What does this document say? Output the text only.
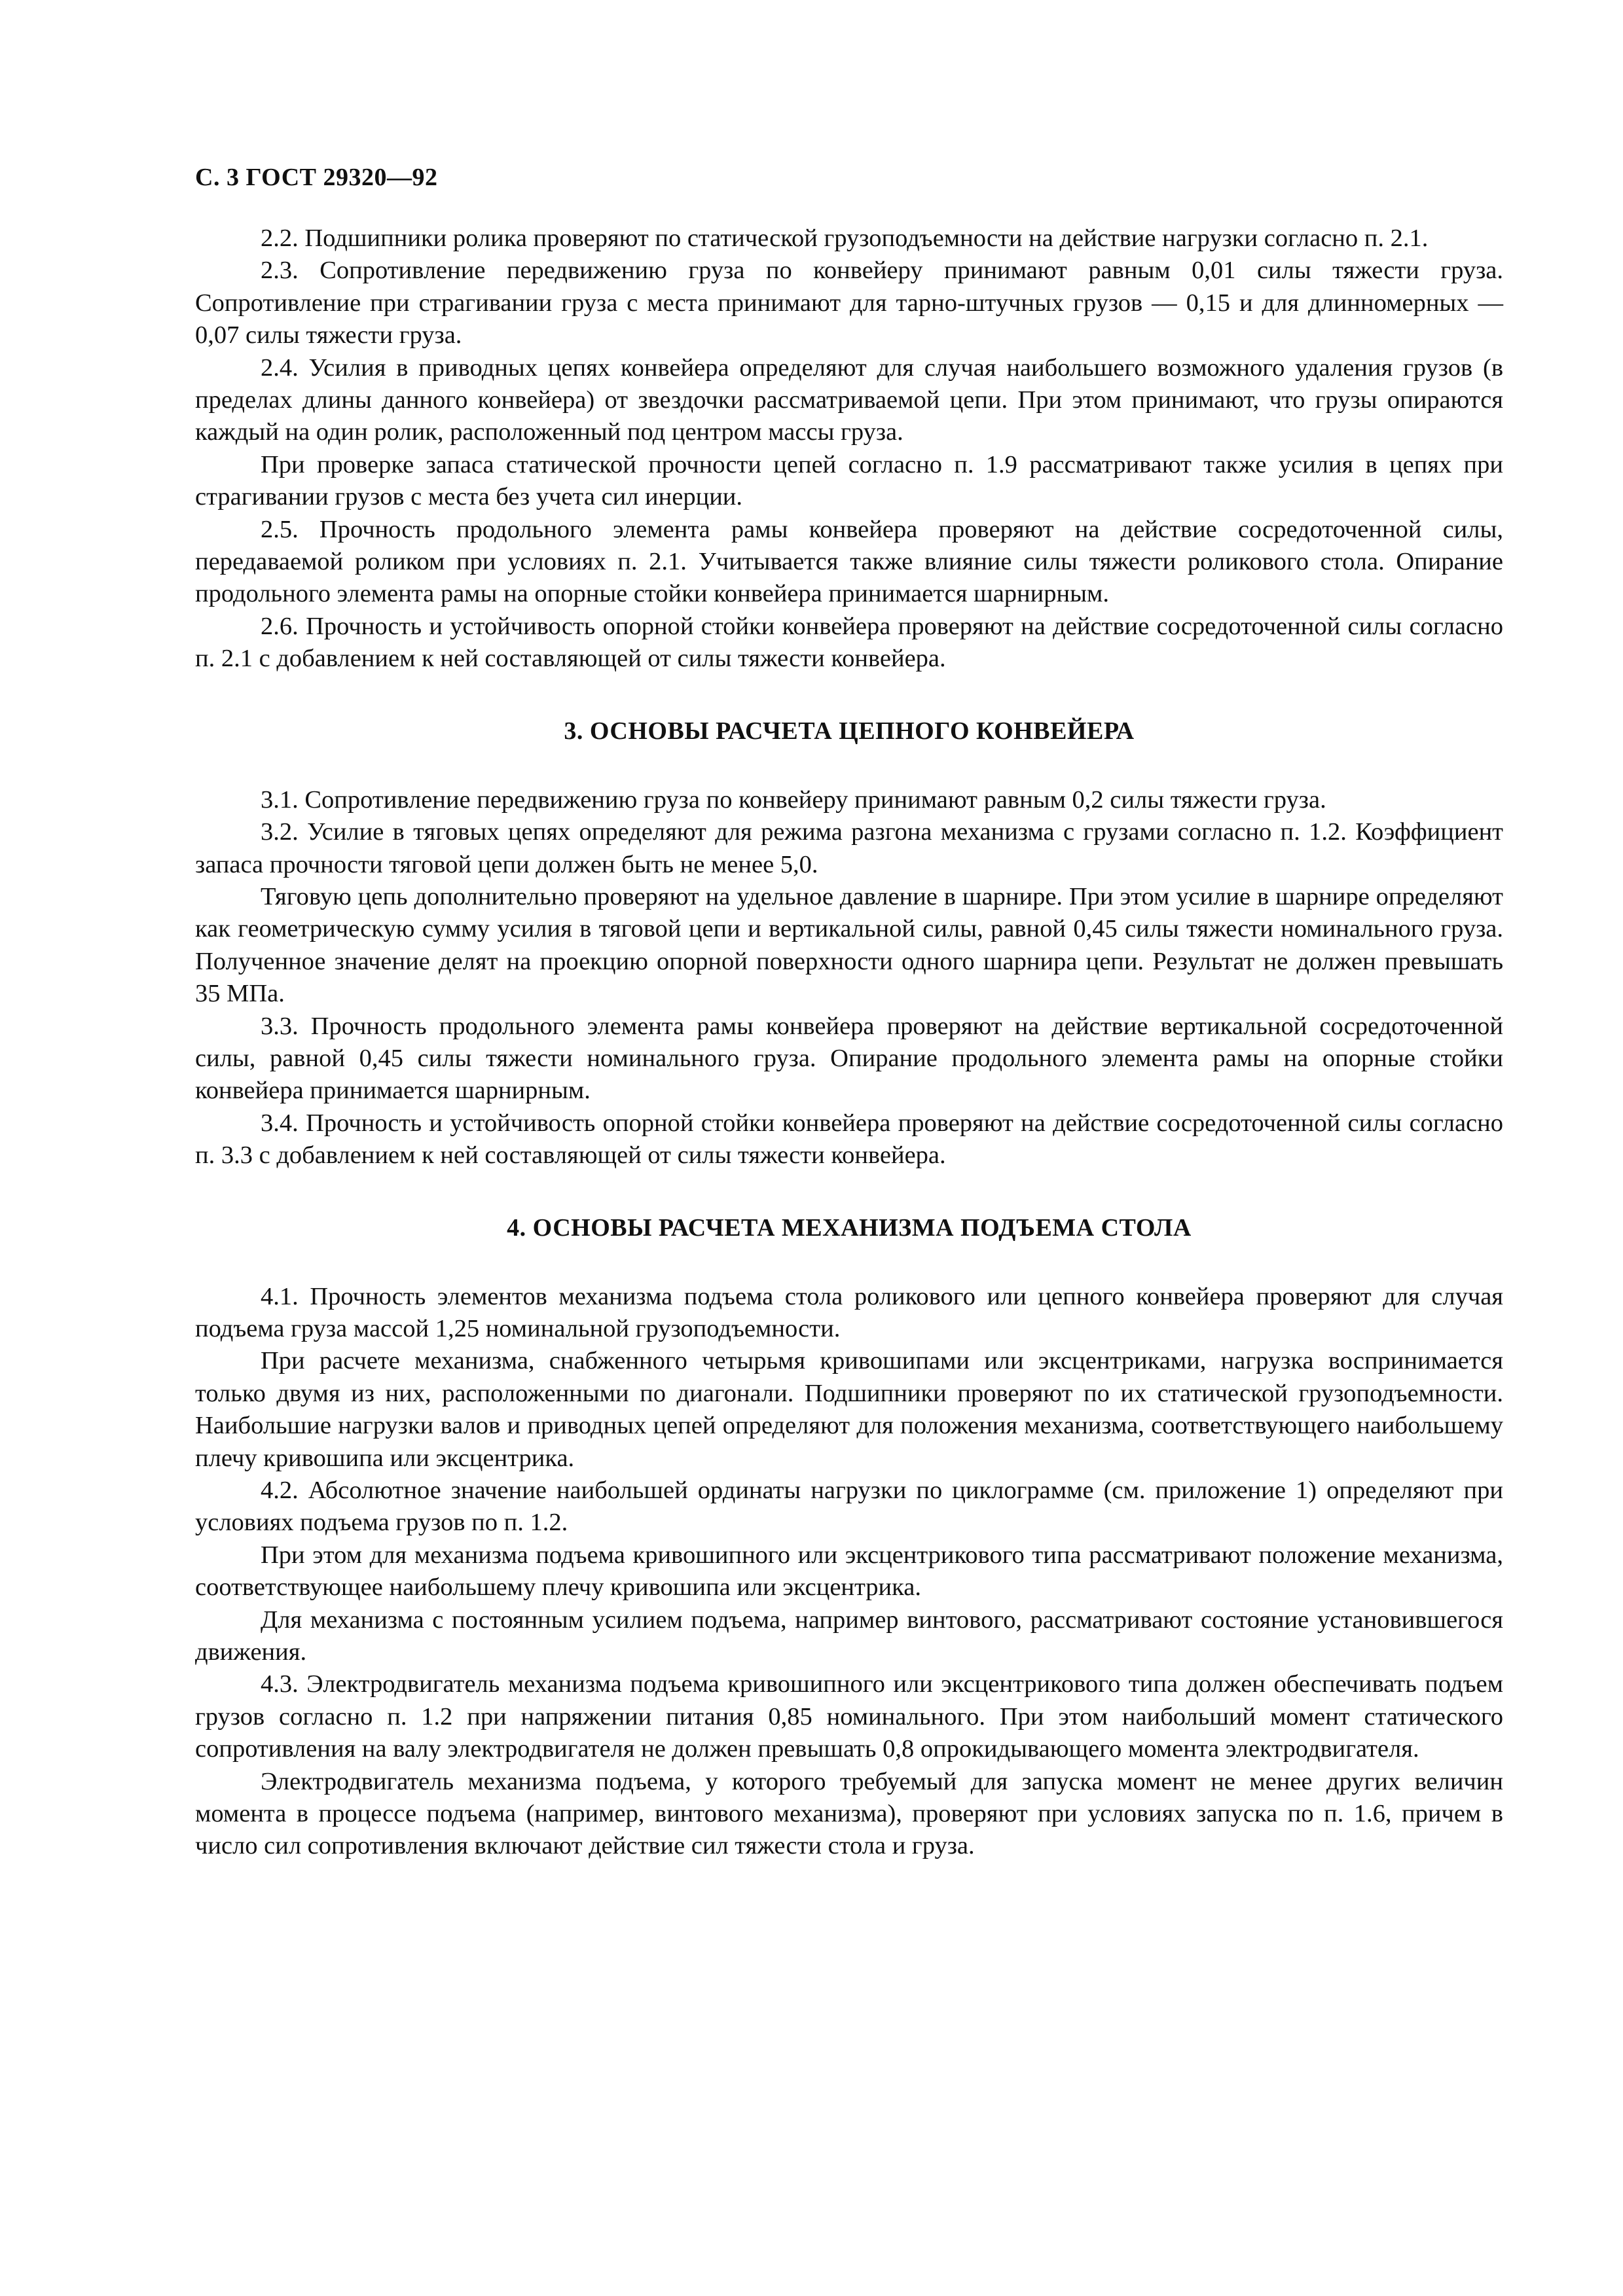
С. 3 ГОСТ 29320—92

2.2. Подшипники ролика проверяют по статической грузоподъемности на действие нагрузки согласно п. 2.1.

2.3. Сопротивление передвижению груза по конвейеру принимают равным 0,01 силы тяжести груза. Сопротивление при страгивании груза с места принимают для тарно-штучных грузов — 0,15 и для длинномерных — 0,07 силы тяжести груза.

2.4. Усилия в приводных цепях конвейера определяют для случая наибольшего возможного удаления грузов (в пределах длины данного конвейера) от звездочки рассматриваемой цепи. При этом принимают, что грузы опираются каждый на один ролик, расположенный под центром массы груза.

При проверке запаса статической прочности цепей согласно п. 1.9 рассматривают также усилия в цепях при страгивании грузов с места без учета сил инерции.

2.5. Прочность продольного элемента рамы конвейера проверяют на действие сосредоточенной силы, передаваемой роликом при условиях п. 2.1. Учитывается также влияние силы тяжести роликового стола. Опирание продольного элемента рамы на опорные стойки конвейера принимается шарнирным.

2.6. Прочность и устойчивость опорной стойки конвейера проверяют на действие сосредоточенной силы согласно п. 2.1 с добавлением к ней составляющей от силы тяжести конвейера.

3. ОСНОВЫ РАСЧЕТА ЦЕПНОГО КОНВЕЙЕРА

3.1. Сопротивление передвижению груза по конвейеру принимают равным 0,2 силы тяжести груза.

3.2. Усилие в тяговых цепях определяют для режима разгона механизма с грузами согласно п. 1.2. Коэффициент запаса прочности тяговой цепи должен быть не менее 5,0.

Тяговую цепь дополнительно проверяют на удельное давление в шарнире. При этом усилие в шарнире определяют как геометрическую сумму усилия в тяговой цепи и вертикальной силы, равной 0,45 силы тяжести номинального груза. Полученное значение делят на проекцию опорной поверхности одного шарнира цепи. Результат не должен превышать 35 МПа.

3.3. Прочность продольного элемента рамы конвейера проверяют на действие вертикальной сосредоточенной силы, равной 0,45 силы тяжести номинального груза. Опирание продольного элемента рамы на опорные стойки конвейера принимается шарнирным.

3.4. Прочность и устойчивость опорной стойки конвейера проверяют на действие сосредоточенной силы согласно п. 3.3 с добавлением к ней составляющей от силы тяжести конвейера.

4. ОСНОВЫ РАСЧЕТА МЕХАНИЗМА ПОДЪЕМА СТОЛА

4.1. Прочность элементов механизма подъема стола роликового или цепного конвейера проверяют для случая подъема груза массой 1,25 номинальной грузоподъемности.

При расчете механизма, снабженного четырьмя кривошипами или эксцентриками, нагрузка воспринимается только двумя из них, расположенными по диагонали. Подшипники проверяют по их статической грузоподъемности. Наибольшие нагрузки валов и приводных цепей определяют для положения механизма, соответствующего наибольшему плечу кривошипа или эксцентрика.

4.2. Абсолютное значение наибольшей ординаты нагрузки по циклограмме (см. приложение 1) определяют при условиях подъема грузов по п. 1.2.

При этом для механизма подъема кривошипного или эксцентрикового типа рассматривают положение механизма, соответствующее наибольшему плечу кривошипа или эксцентрика.

Для механизма с постоянным усилием подъема, например винтового, рассматривают состояние установившегося движения.

4.3. Электродвигатель механизма подъема кривошипного или эксцентрикового типа должен обеспечивать подъем грузов согласно п. 1.2 при напряжении питания 0,85 номинального. При этом наибольший момент статического сопротивления на валу электродвигателя не должен превышать 0,8 опрокидывающего момента электродвигателя.

Электродвигатель механизма подъема, у которого требуемый для запуска момент не менее других величин момента в процессе подъема (например, винтового механизма), проверяют при условиях запуска по п. 1.6, причем в число сил сопротивления включают действие сил тяжести стола и груза.
